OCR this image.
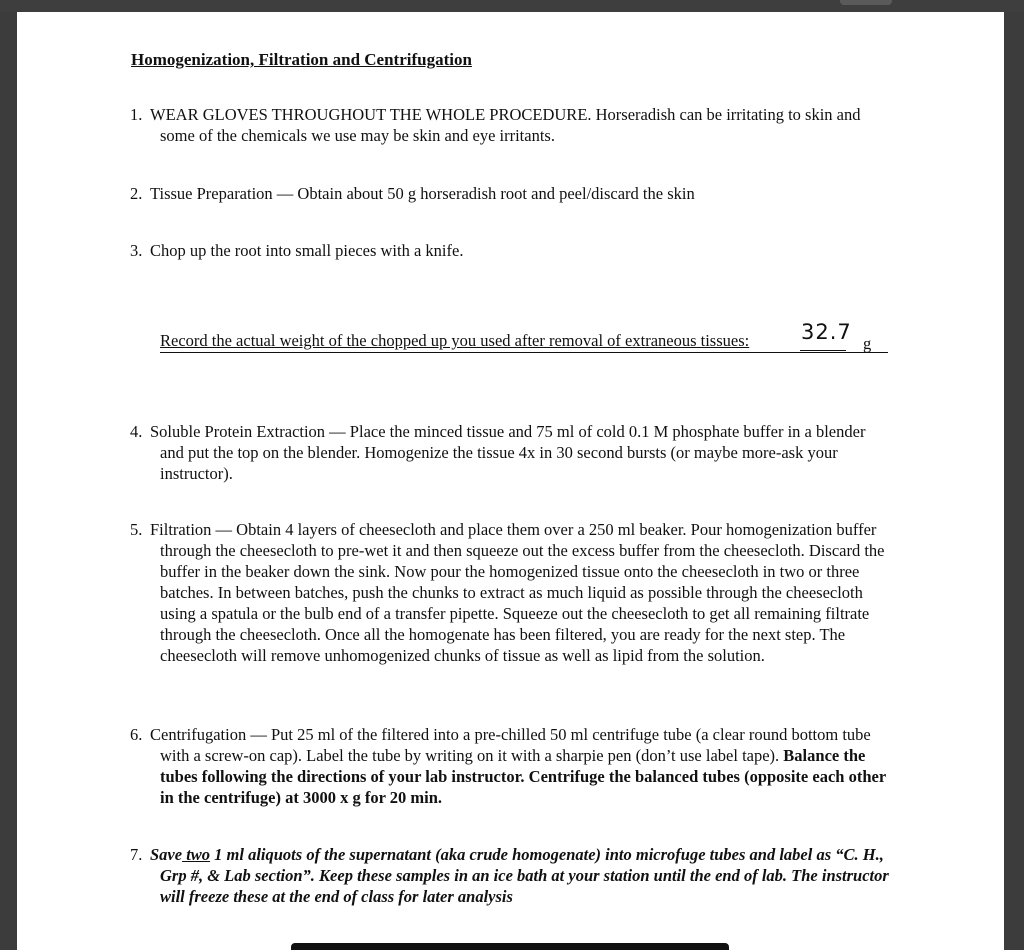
Homogenization, Filtration and Centrifugation
1. WEAR GLOVES THROUGHOUT THE WHOLE PROCEDURE. Horseradish can be irritating to skin and some of the chemicals we use may be skin and eye irritants.
2. Tissue Preparation — Obtain about 50 g horseradish root and peel/discard the skin
3. Chop up the root into small pieces with a knife.
Record the actual weight of the chopped up you used after removal of extraneous tissues: 32.7 g
4. Soluble Protein Extraction — Place the minced tissue and 75 ml of cold 0.1 M phosphate buffer in a blender and put the top on the blender. Homogenize the tissue 4x in 30 second bursts (or maybe more-ask your instructor).
5. Filtration — Obtain 4 layers of cheesecloth and place them over a 250 ml beaker. Pour homogenization buffer through the cheesecloth to pre-wet it and then squeeze out the excess buffer from the cheesecloth. Discard the buffer in the beaker down the sink. Now pour the homogenized tissue onto the cheesecloth in two or three batches. In between batches, push the chunks to extract as much liquid as possible through the cheesecloth using a spatula or the bulb end of a transfer pipette. Squeeze out the cheesecloth to get all remaining filtrate through the cheesecloth. Once all the homogenate has been filtered, you are ready for the next step. The cheesecloth will remove unhomogenized chunks of tissue as well as lipid from the solution.
6. Centrifugation — Put 25 ml of the filtered into a pre-chilled 50 ml centrifuge tube (a clear round bottom tube with a screw-on cap). Label the tube by writing on it with a sharpie pen (don’t use label tape). Balance the tubes following the directions of your lab instructor. Centrifuge the balanced tubes (opposite each other in the centrifuge) at 3000 x g for 20 min.
7. Save two 1 ml aliquots of the supernatant (aka crude homogenate) into microfuge tubes and label as “C. H., Grp #, & Lab section”. Keep these samples in an ice bath at your station until the end of lab. The instructor will freeze these at the end of class for later analysis
